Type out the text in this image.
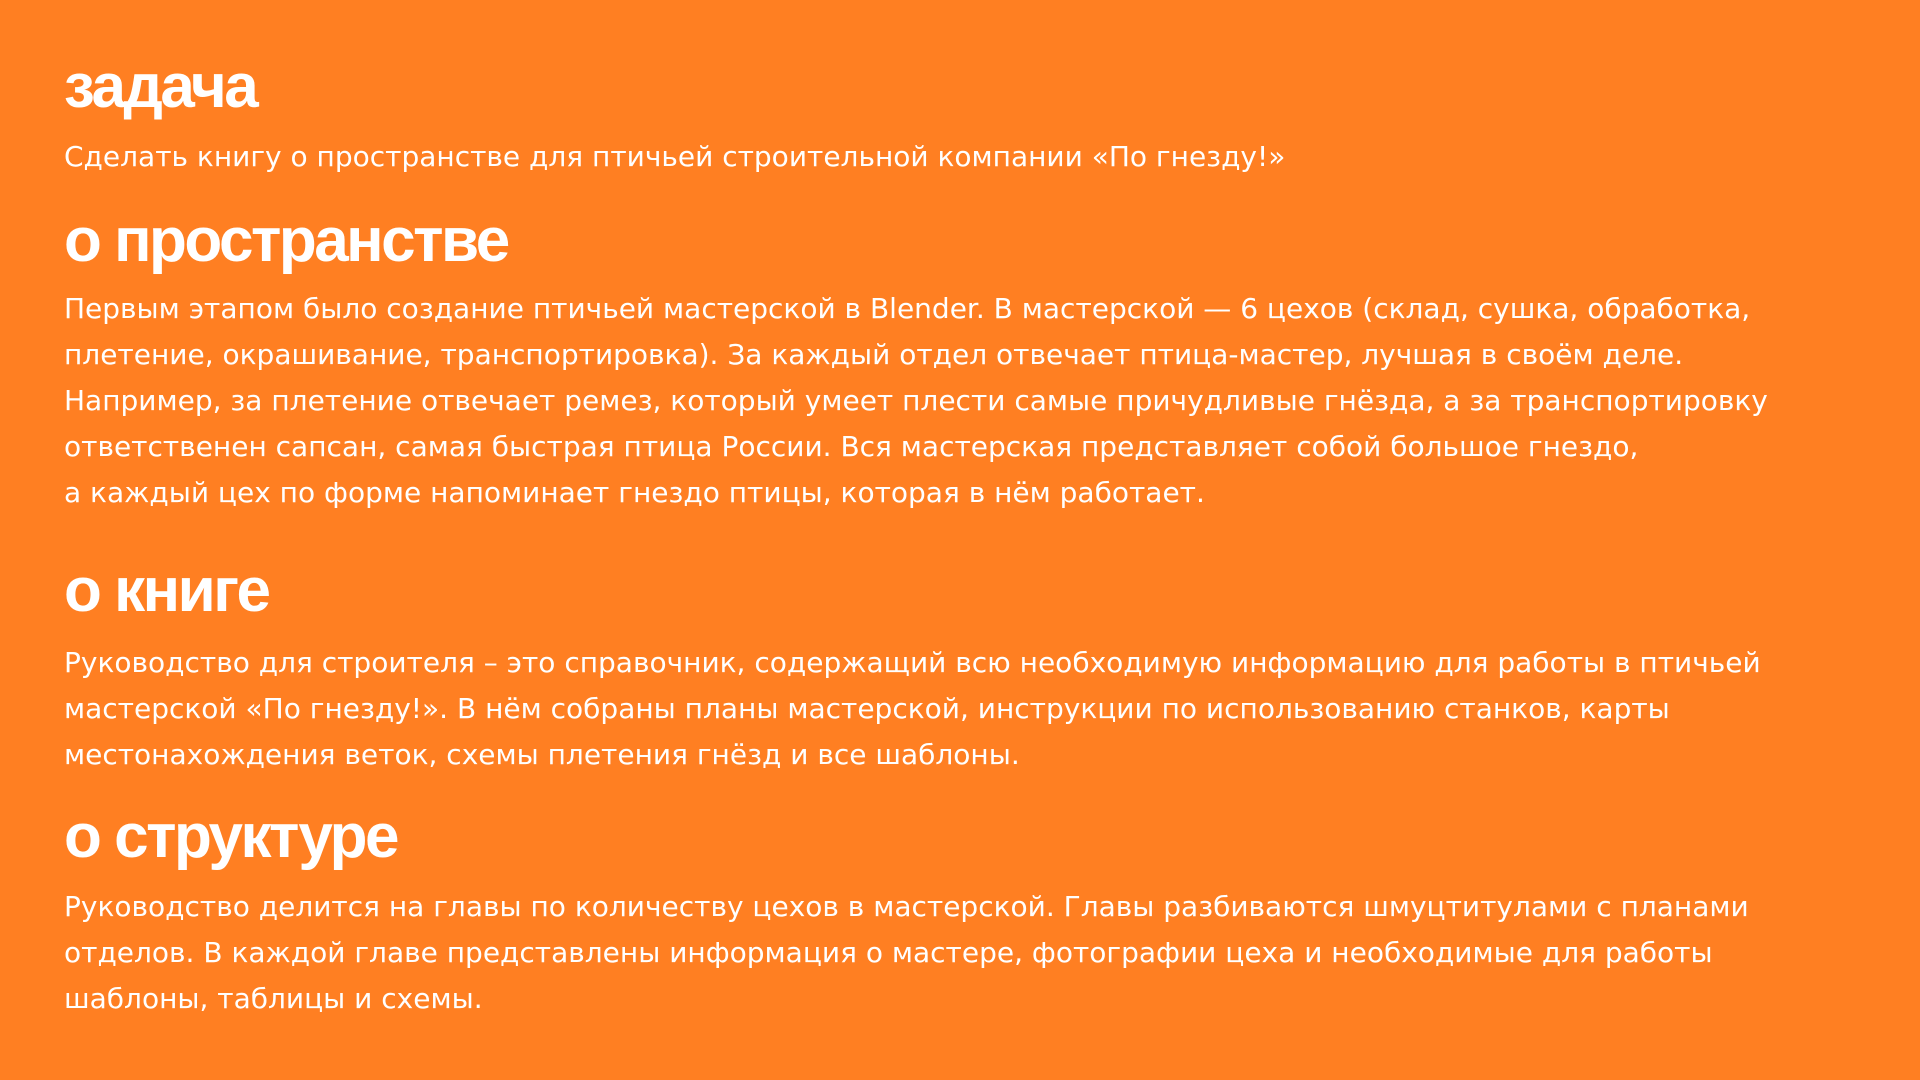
задача

Сделать книгу о пространстве для птичьей строительной компании «По гнезду!»

о пространстве

Первым этапом было создание птичьей мастерской в Blender. В мастерской — 6 цехов (склад, сушка, обработка,
плетение, окрашивание, транспортировка). За каждый отдел отвечает птица-мастер, лучшая в своём деле.
Например, за плетение отвечает ремез, который умеет плести самые причудливые гнёзда, а за транспортировку
ответственен сапсан, самая быстрая птица России. Вся мастерская представляет собой большое гнездо,
а каждый цех по форме напоминает гнездо птицы, которая в нём работает.

о книге

Руководство для строителя – это справочник, содержащий всю необходимую информацию для работы в птичьей
мастерской «По гнезду!». В нём собраны планы мастерской, инструкции по использованию станков, карты
местонахождения веток, схемы плетения гнёзд и все шаблоны.

о структуре

Руководство делится на главы по количеству цехов в мастерской. Главы разбиваются шмуцтитулами с планами
отделов. В каждой главе представлены информация о мастере, фотографии цеха и необходимые для работы
шаблоны, таблицы и схемы.
